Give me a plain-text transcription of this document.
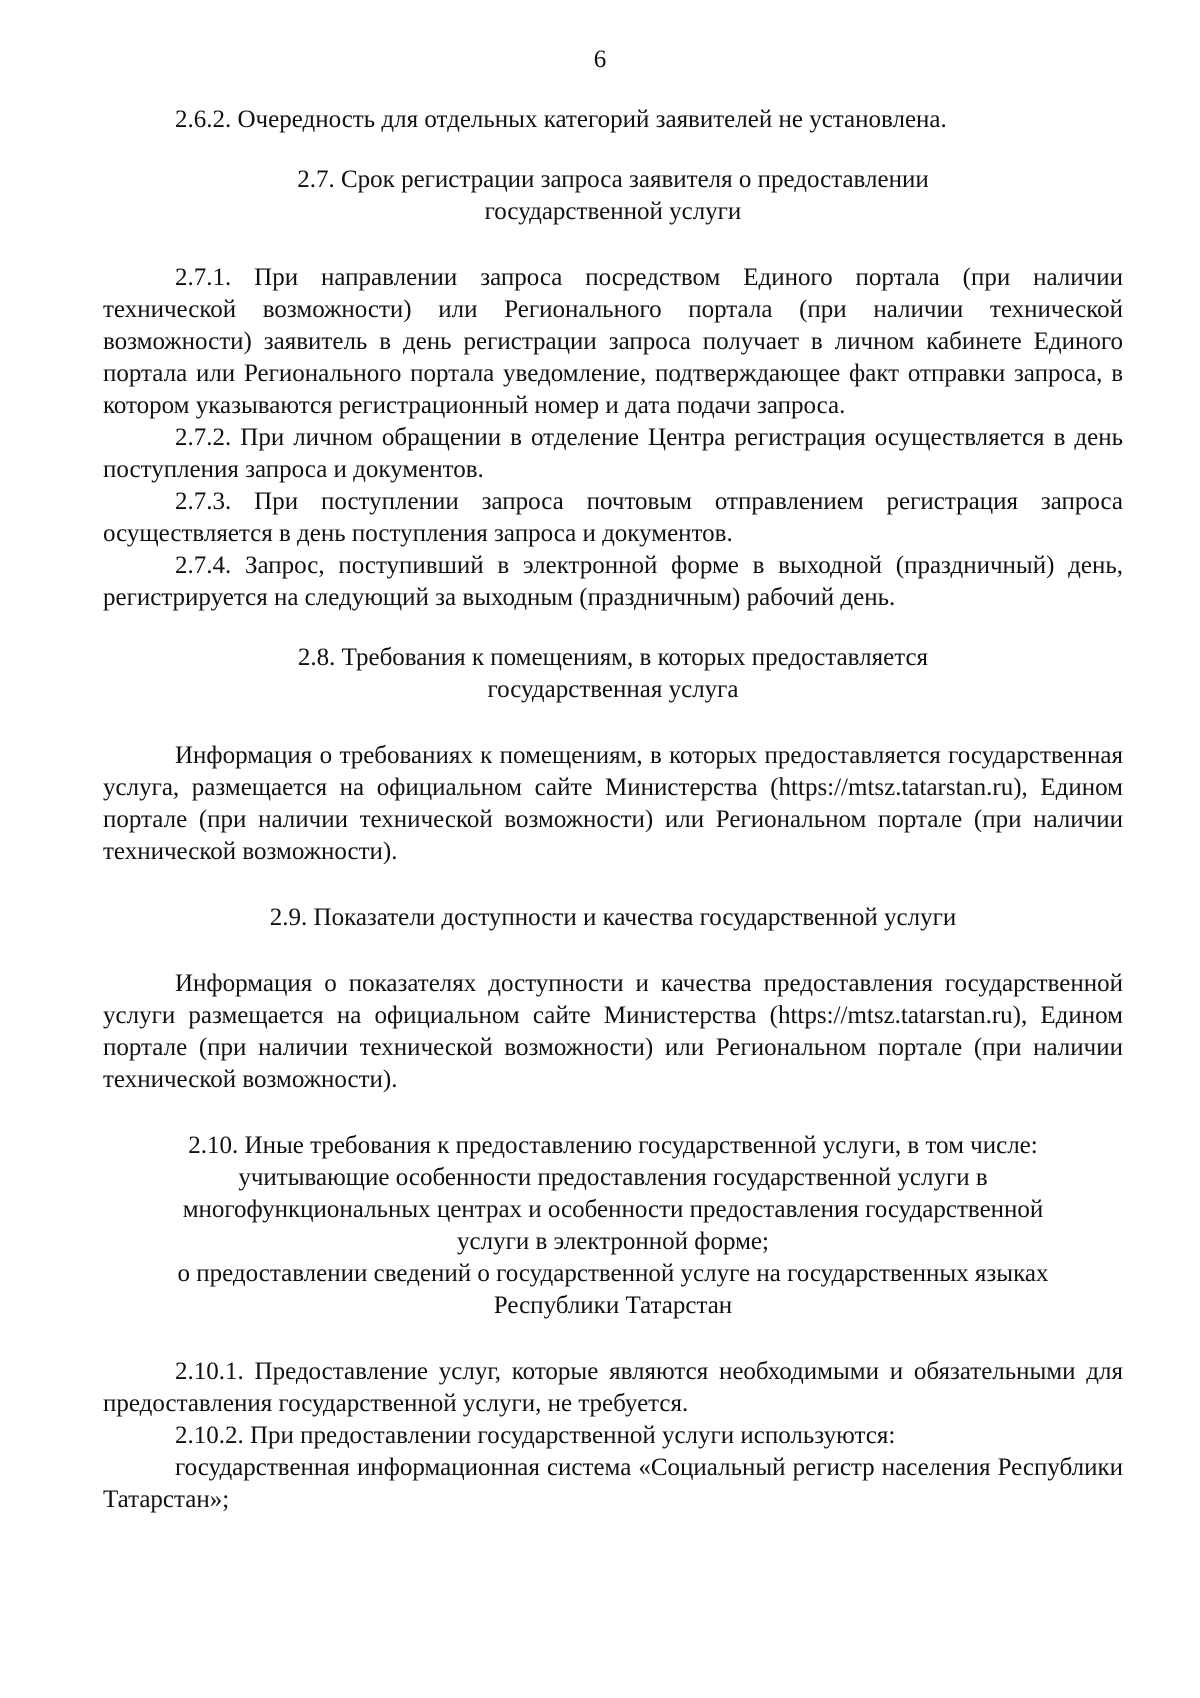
6

2.6.2. Очередность для отдельных категорий заявителей не установлена.

2.7. Срок регистрации запроса заявителя о предоставлении
государственной услуги

2.7.1. При направлении запроса посредством Единого портала (при наличии технической возможности) или Регионального портала (при наличии технической возможности) заявитель в день регистрации запроса получает в личном кабинете Единого портала или Регионального портала уведомление, подтверждающее факт отправки запроса, в котором указываются регистрационный номер и дата подачи запроса.

2.7.2. При личном обращении в отделение Центра регистрация осуществляется в день поступления запроса и документов.

2.7.3. При поступлении запроса почтовым отправлением регистрация запроса осуществляется в день поступления запроса и документов.

2.7.4. Запрос, поступивший в электронной форме в выходной (праздничный) день, регистрируется на следующий за выходным (праздничным) рабочий день.

2.8. Требования к помещениям, в которых предоставляется
государственная услуга

Информация о требованиях к помещениям, в которых предоставляется государственная услуга, размещается на официальном сайте Министерства (https://mtsz.tatarstan.ru), Едином портале (при наличии технической возможности) или Региональном портале (при наличии технической возможности).

2.9. Показатели доступности и качества государственной услуги

Информация о показателях доступности и качества предоставления государственной услуги размещается на официальном сайте Министерства (https://mtsz.tatarstan.ru), Едином портале (при наличии технической возможности) или Региональном портале (при наличии технической возможности).

2.10. Иные требования к предоставлению государственной услуги, в том числе:
учитывающие особенности предоставления государственной услуги в
многофункциональных центрах и особенности предоставления государственной
услуги в электронной форме;
о предоставлении сведений о государственной услуге на государственных языках
Республики Татарстан

2.10.1. Предоставление услуг, которые являются необходимыми и обязательными для предоставления государственной услуги, не требуется.

2.10.2. При предоставлении государственной услуги используются:

государственная информационная система «Социальный регистр населения Республики Татарстан»;
